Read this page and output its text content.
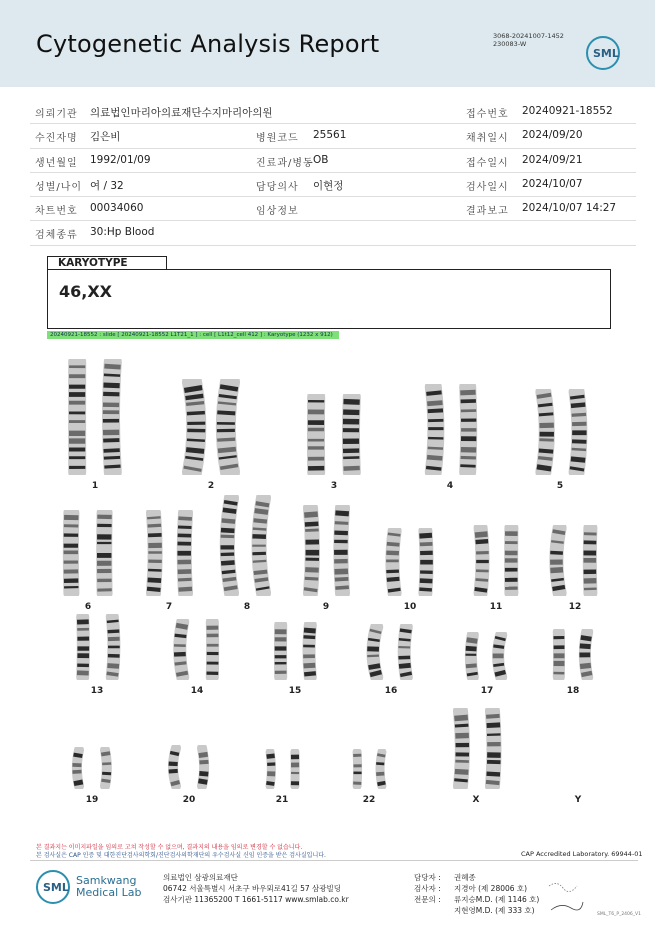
Cytogenetic Analysis Report	3068-20241007-1452
230083-W
SML
의뢰기관 의료법인마리아의료재단수지마리아의원	접수번호 20240921-18552
수진자명 김은비	병원코드 25561	채취일시 2024/09/20
생년월일 1992/01/09	진료과/병동 OB	접수일시 2024/09/21
성별/나이 여 / 32	담당의사 이현정	검사일시 2024/10/07
차트번호 00034060	임상정보	결과보고 2024/10/07 14:27
검체종류 30:Hp Blood
KARYOTYPE
46,XX
20240921-18552 : slide [ 20240921-18552 L1T21_1 ] : cell [ L1t12_cell 412 ] : Karyotype (1232 x 912)
1	2	3	4	5
6	7	8	9	10	11	12
13	14	15	16	17	18
19	20	21	22	X	Y
본 결과지는 이미지파일을 임의로 고쳐 작성할 수 없으며, 결과지의 내용을 임의로 변경할 수 없습니다.
본 검사실은 CAP 인증 및 대한진단검사의학회/진단검사의학재단의 우수검사실 신임 인증을 받은 검사실입니다.	CAP Accredited Laboratory. 69944-01
SML
Samkwang
Medical Lab
의료법인 삼광의료재단
06742 서울특별시 서초구 바우뫼로41길 57 삼광빌딩
검사기관 11365200 T 1661-5117 www.smlab.co.kr
담당자 : 권혜종
검사자 : 지경아 (제 28006 호)
전문의 : 류지승M.D. (제 1146 호)
지현영M.D. (제 333 호)	SML_T6_P_2406_V1
